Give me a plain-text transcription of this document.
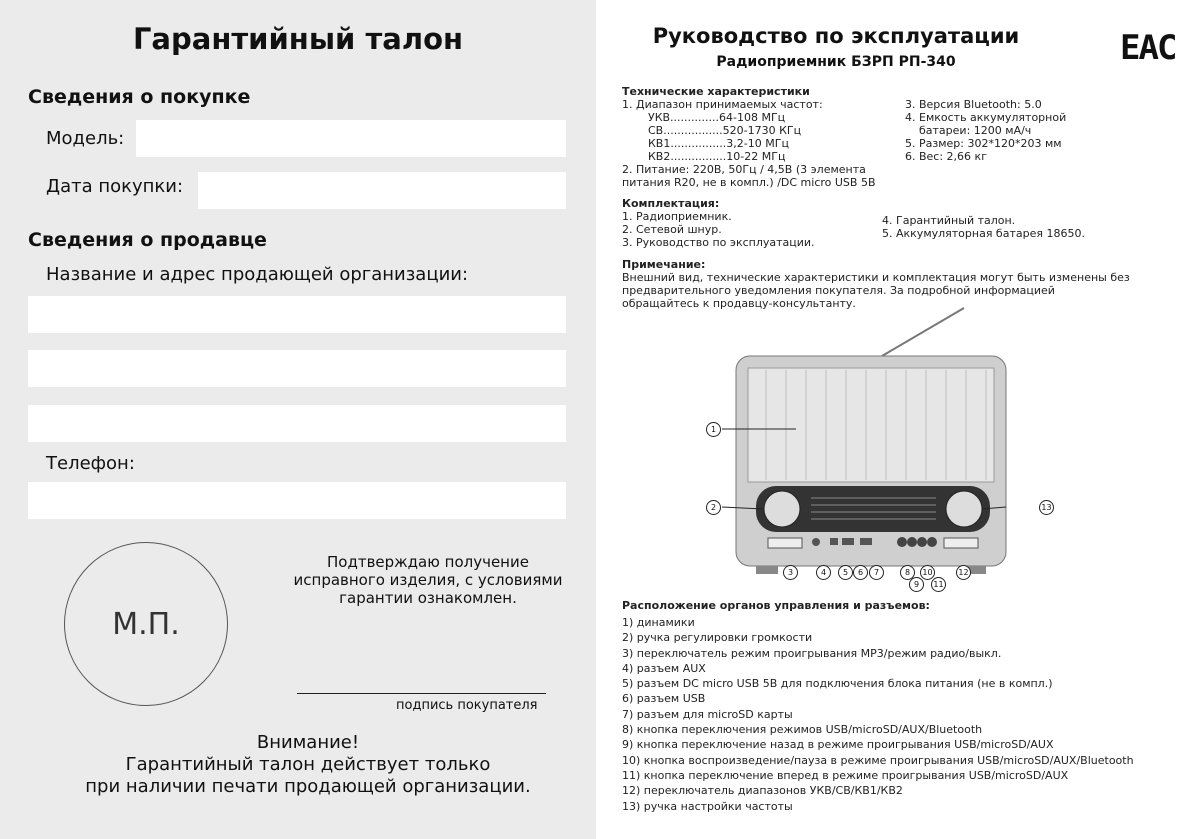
Гарантийный талон
Сведения о покупке
Модель:
Дата покупки:
Сведения о продавце
Название и адрес продающей организации:
Телефон:
М.П.
Подтверждаю получение
исправного изделия, с условиями
гарантии ознакомлен.
подпись покупателя
Внимание!
Гарантийный талон действует только
при наличии печати продающей организации.
Руководство по эксплуатации
Радиоприемник БЗРП РП-340	ЕАС
Технические характеристики
1. Диапазон принимаемых частот:
УКВ..............64-108 МГц
СВ.................520-1730 КГц
КВ1................3,2-10 МГц
КВ2................10-22 МГц
2. Питание: 220В, 50Гц / 4,5В (3 элемента
питания R20, не в компл.) /DC micro USB 5В
3. Версия Bluetooth: 5.0
4. Емкость аккумуляторной
батареи: 1200 мА/ч
5. Размер: 302*120*203 мм
6. Вес: 2,66 кг
Комплектация:
1. Радиоприемник.
2. Сетевой шнур.
3. Руководство по эксплуатации.
4. Гарантийный талон.
5. Аккумуляторная батарея 18650.
Примечание:
Внешний вид, технические характеристики и комплектация могут быть изменены без
предварительного уведомления покупателя. За подробной информацией
обращайтесь к продавцу-консультанту.
1
2
3	4	5	6	7	8
9
10
11
12
13
Расположение органов управления и разъемов:
1) динамики
2) ручка регулировки громкости
3) переключатель режим проигрывания MP3/режим радио/выкл.
4) разъем AUX
5) разъем DC micro USB 5В для подключения блока питания (не в компл.)
6) разъем USB
7) разъем для microSD карты
8) кнопка переключения режимов USB/microSD/AUX/Bluetooth
9) кнопка переключение назад в режиме проигрывания USB/microSD/AUX
10) кнопка воспроизведение/пауза в режиме проигрывания USB/microSD/AUX/Bluetooth
11) кнопка переключение вперед в режиме проигрывания USB/microSD/AUX
12) переключатель диапазонов УКВ/СВ/КВ1/КВ2
13) ручка настройки частоты
